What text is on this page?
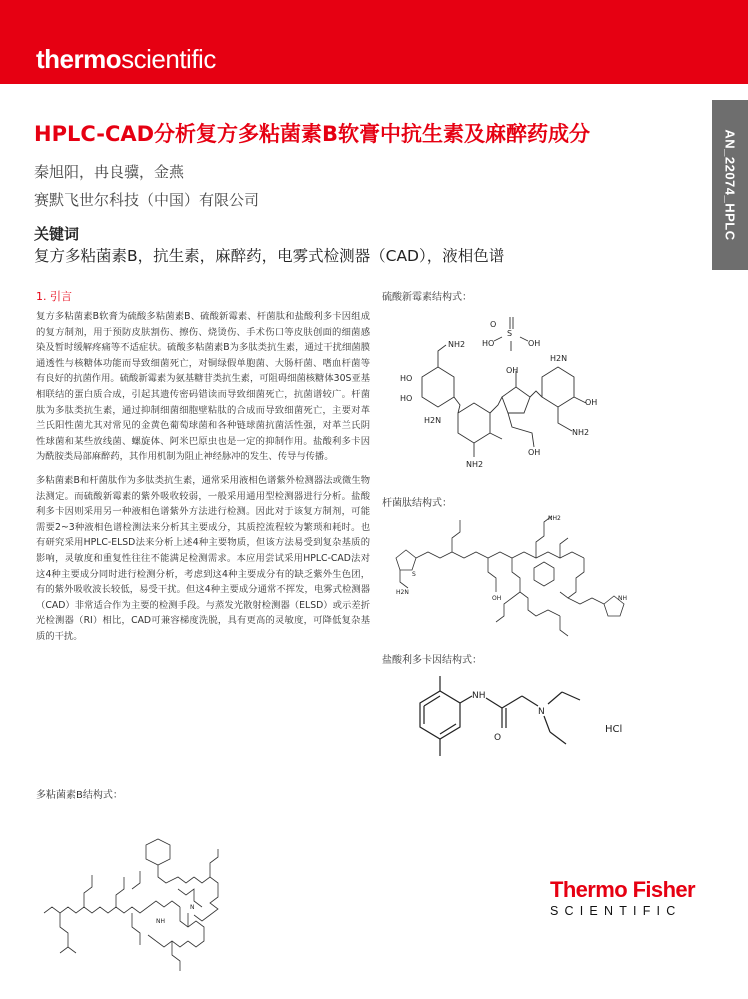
thermoscientific
AN_22074_HPLC
HPLC-CAD分析复方多粘菌素B软膏中抗生素及麻醉药成分
秦旭阳，冉良骥，金燕
赛默飞世尔科技（中国）有限公司
关键词
复方多粘菌素B，抗生素，麻醉药，电雾式检测器（CAD），液相色谱
1. 引言

复方多粘菌素B软膏为硫酸多粘菌素B、硫酸新霉素、杆菌肽和盐酸利多卡因组成的复方制剂，用于预防皮肤割伤、擦伤、烧烫伤、手术伤口等皮肤创面的细菌感染及暂时缓解疼痛等不适症状。硫酸多粘菌素B为多肽类抗生素，通过干扰细菌膜通透性与核糖体功能而导致细菌死亡，对铜绿假单胞菌、大肠杆菌、嗜血杆菌等有良好的抗菌作用。硫酸新霉素为氨基糖苷类抗生素，可阻碍细菌核糖体30S亚基相联结的蛋白质合成，引起其遗传密码错读而导致细菌死亡，抗菌谱较广。杆菌肽为多肽类抗生素，通过抑制细菌细胞壁粘肽的合成而导致细菌死亡，主要对革兰氏阳性菌尤其对常见的金黄色葡萄球菌和各种链球菌抗菌活性强，对革兰氏阴性球菌和某些放线菌、螺旋体、阿米巴原虫也是一定的抑制作用。盐酸利多卡因为酰胺类局部麻醉药，其作用机制为阻止神经脉冲的发生、传导与传播。

多粘菌素B和杆菌肽作为多肽类抗生素，通常采用液相色谱紫外检测器法或微生物法测定。而硫酸新霉素的紫外吸收较弱，一般采用通用型检测器进行分析。盐酸利多卡因则采用另一种液相色谱紫外方法进行检测。因此对于该复方制剂，可能需要2~3种液相色谱检测法来分析其主要成分，其质控流程较为繁琐和耗时。也有研究采用HPLC-ELSD法来分析上述4种主要物质，但该方法易受到复杂基质的影响，灵敏度和重复性往往不能满足检测需求。本应用尝试采用HPLC-CAD法对这4种主要成分同时进行检测分析，考虑到这4种主要成分有的缺乏紫外生色团，有的紫外吸收波长较低，易受干扰。但这4种主要成分通常不挥发，电雾式检测器（CAD）非常适合作为主要的检测手段。与蒸发光散射检测器（ELSD）或示差折光检测器（RI）相比，CAD可兼容梯度洗脱，具有更高的灵敏度，可降低复杂基质的干扰。

多粘菌素B结构式：
NH
N
硫酸新霉素结构式：
O
S
HO	OH
NH2
HO
HO
H2N
OH
H2N
OH
NH2
NH2
OH
杆菌肽结构式：
S
H2N
NH2
OH	NH
盐酸利多卡因结构式：
NH
O
N
HCl
Thermo Fisher
SCIENTIFIC
